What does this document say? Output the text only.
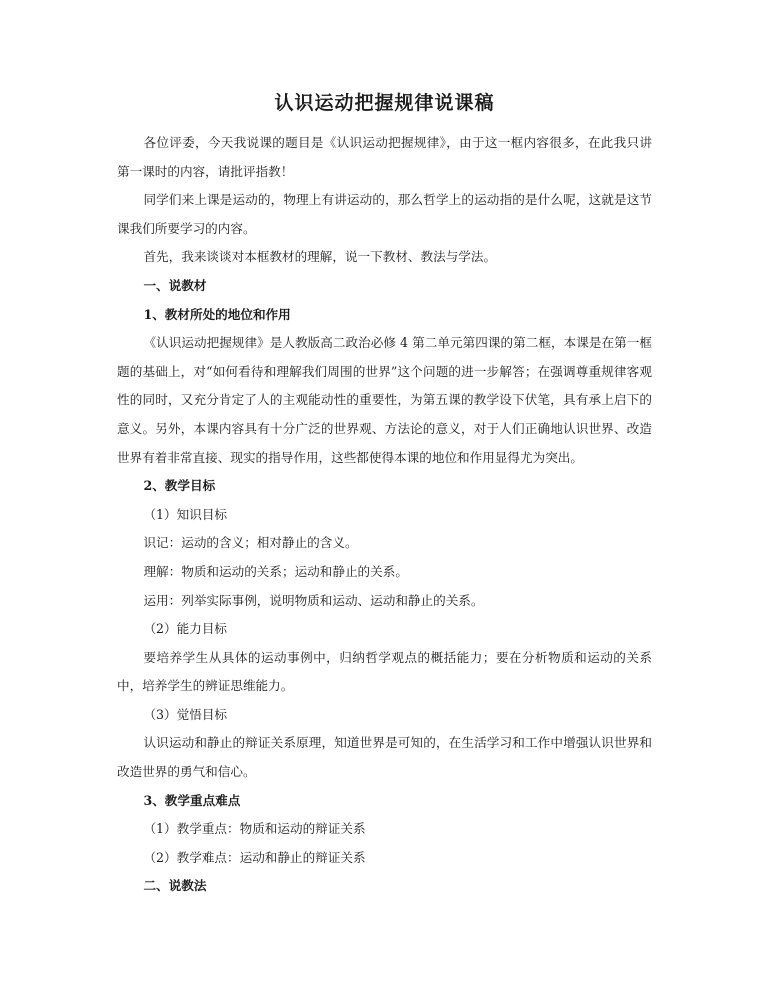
认识运动把握规律说课稿

各位评委，今天我说课的题目是《认识运动把握规律》，由于这一框内容很多，在此我只讲第一课时的内容，请批评指教！

同学们来上课是运动的，物理上有讲运动的，那么哲学上的运动指的是什么呢，这就是这节课我们所要学习的内容。

首先，我来谈谈对本框教材的理解，说一下教材、教法与学法。

一、说教材

1、教材所处的地位和作用

《认识运动把握规律》是人教版高二政治必修 4 第二单元第四课的第二框，本课是在第一框题的基础上，对“如何看待和理解我们周围的世界”这个问题的进一步解答；在强调尊重规律客观性的同时，又充分肯定了人的主观能动性的重要性，为第五课的教学设下伏笔，具有承上启下的意义。另外，本课内容具有十分广泛的世界观、方法论的意义，对于人们正确地认识世界、改造世界有着非常直接、现实的指导作用，这些都使得本课的地位和作用显得尤为突出。

2、教学目标

（1）知识目标

识记：运动的含义；相对静止的含义。

理解：物质和运动的关系；运动和静止的关系。

运用：列举实际事例，说明物质和运动、运动和静止的关系。

（2）能力目标

要培养学生从具体的运动事例中，归纳哲学观点的概括能力；要在分析物质和运动的关系中，培养学生的辨证思维能力。

（3）觉悟目标

认识运动和静止的辩证关系原理，知道世界是可知的，在生活学习和工作中增强认识世界和改造世界的勇气和信心。

3、教学重点难点

（1）教学重点：物质和运动的辩证关系

（2）教学难点：运动和静止的辩证关系

二、说教法
